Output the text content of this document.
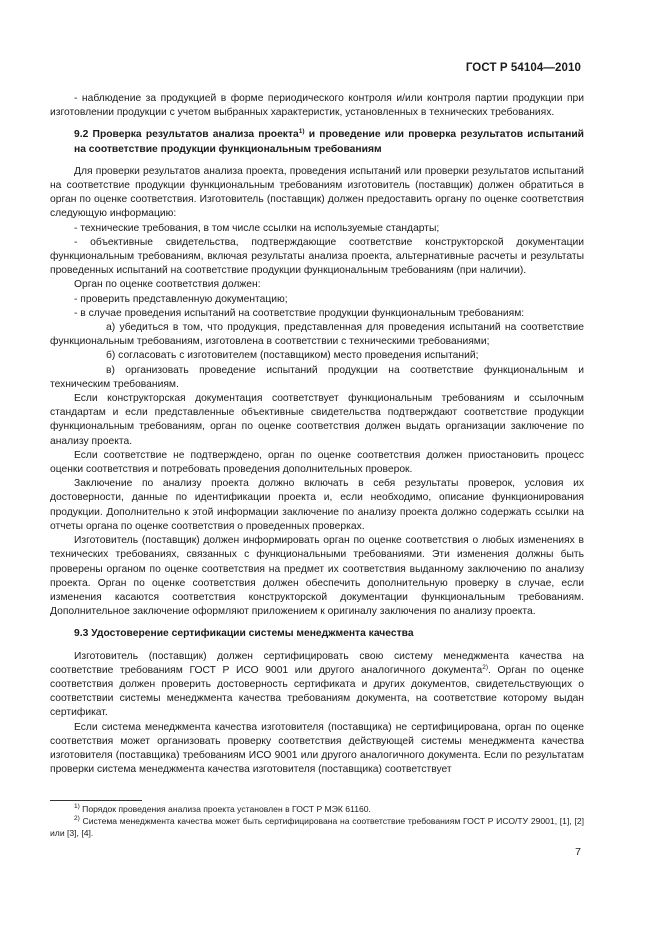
ГОСТ Р 54104—2010

- наблюдение за продукцией в форме периодического контроля и/или контроля партии продукции при изготовлении продукции с учетом выбранных характеристик, установленных в технических требованиях.

9.2 Проверка результатов анализа проекта$^{1)}$ и проведение или проверка результатов испытаний на соответствие продукции функциональным требованиям

Для проверки результатов анализа проекта, проведения испытаний или проверки результатов испытаний на соответствие продукции функциональным требованиям изготовитель (поставщик) должен обратиться в орган по оценке соответствия. Изготовитель (поставщик) должен предоставить органу по оценке соответствия следующую информацию:

- технические требования, в том числе ссылки на используемые стандарты;

- объективные свидетельства, подтверждающие соответствие конструкторской документации функциональным требованиям, включая результаты анализа проекта, альтернативные расчеты и результаты проведенных испытаний на соответствие продукции функциональным требованиям (при наличии).

Орган по оценке соответствия должен:

- проверить представленную документацию;

- в случае проведения испытаний на соответствие продукции функциональным требованиям:

а) убедиться в том, что продукция, представленная для проведения испытаний на соответствие функциональным требованиям, изготовлена в соответствии с техническими требованиями;

б) согласовать с изготовителем (поставщиком) место проведения испытаний;

в) организовать проведение испытаний продукции на соответствие функциональным и техническим требованиям.

Если конструкторская документация соответствует функциональным требованиям и ссылочным стандартам и если представленные объективные свидетельства подтверждают соответствие продукции функциональным требованиям, орган по оценке соответствия должен выдать организации заключение по анализу проекта.

Если соответствие не подтверждено, орган по оценке соответствия должен приостановить процесс оценки соответствия и потребовать проведения дополнительных проверок.

Заключение по анализу проекта должно включать в себя результаты проверок, условия их достоверности, данные по идентификации проекта и, если необходимо, описание функционирования продукции. Дополнительно к этой информации заключение по анализу проекта должно содержать ссылки на отчеты органа по оценке соответствия о проведенных проверках.

Изготовитель (поставщик) должен информировать орган по оценке соответствия о любых изменениях в технических требованиях, связанных с функциональными требованиями. Эти изменения должны быть проверены органом по оценке соответствия на предмет их соответствия выданному заключению по анализу проекта. Орган по оценке соответствия должен обеспечить дополнительную проверку в случае, если изменения касаются соответствия конструкторской документации функциональным требованиям. Дополнительное заключение оформляют приложением к оригиналу заключения по анализу проекта.

9.3 Удостоверение сертификации системы менеджмента качества

Изготовитель (поставщик) должен сертифицировать свою систему менеджмента качества на соответствие требованиям ГОСТ Р ИСО 9001 или другого аналогичного документа$^{2)}$. Орган по оценке соответствия должен проверить достоверность сертификата и других документов, свидетельствующих о соответствии системы менеджмента качества требованиям документа, на соответствие которому выдан сертификат.

Если система менеджмента качества изготовителя (поставщика) не сертифицирована, орган по оценке соответствия может организовать проверку соответствия действующей системы менеджмента качества изготовителя (поставщика) требованиям ИСО 9001 или другого аналогичного документа. Если по результатам проверки система менеджмента качества изготовителя (поставщика) соответствует

$^{1)}$ Порядок проведения анализа проекта установлен в ГОСТ Р МЭК 61160.

$^{2)}$ Система менеджмента качества может быть сертифицирована на соответствие требованиям ГОСТ Р ИСО/ТУ 29001, [1], [2] или [3], [4].

7
